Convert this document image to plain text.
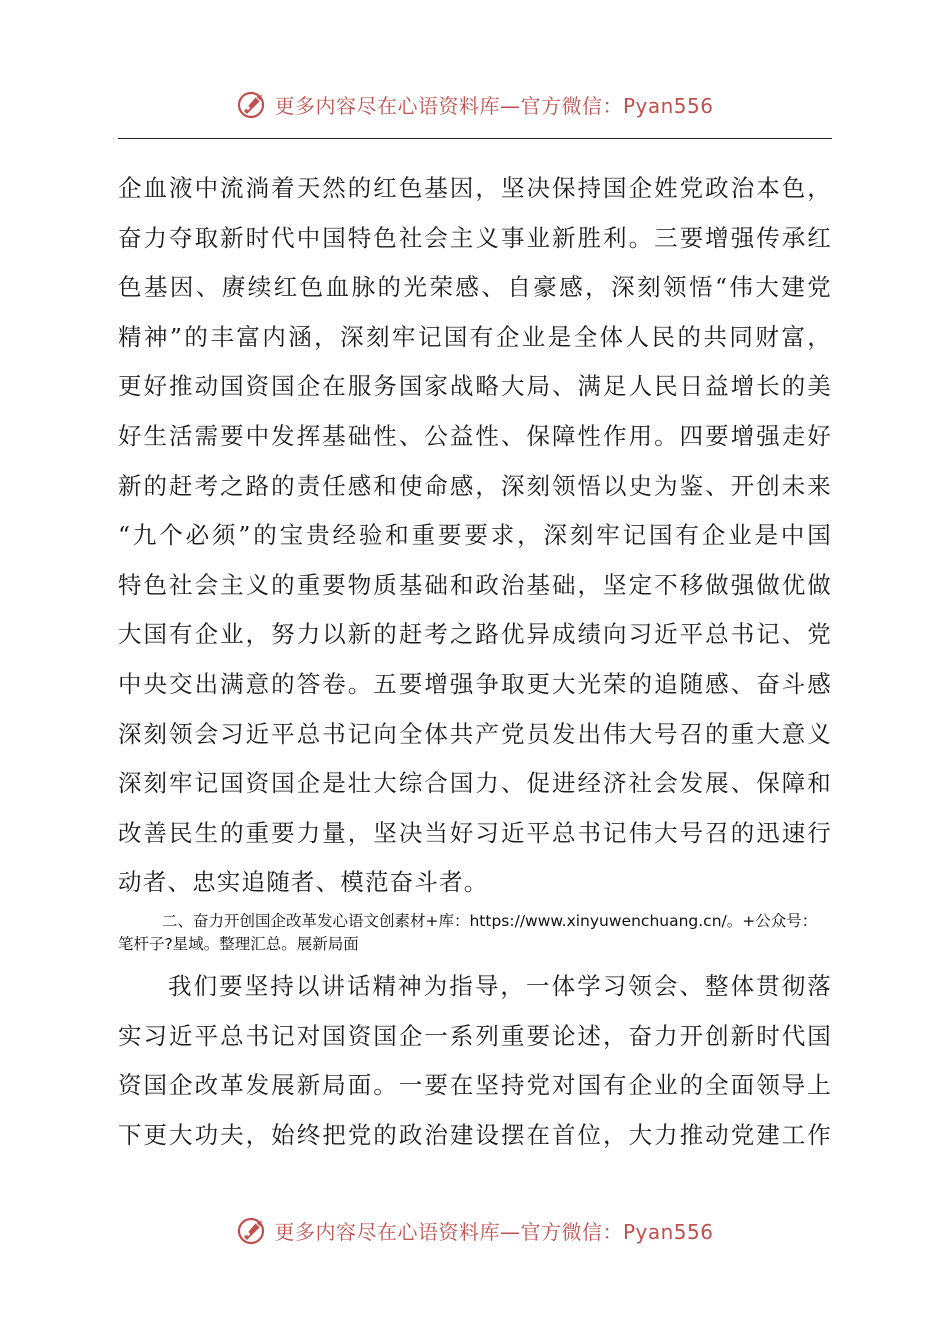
更多内容尽在心语资料库—官方微信：Pyan556
企血液中流淌着天然的红色基因，坚决保持国企姓党政治本色，
奋力夺取新时代中国特色社会主义事业新胜利。三要增强传承红
色基因、赓续红色血脉的光荣感、自豪感，深刻领悟“伟大建党
精神”的丰富内涵，深刻牢记国有企业是全体人民的共同财富，
更好推动国资国企在服务国家战略大局、满足人民日益增长的美
好生活需要中发挥基础性、公益性、保障性作用。四要增强走好
新的赶考之路的责任感和使命感，深刻领悟以史为鉴、开创未来
“九个必须”的宝贵经验和重要要求，深刻牢记国有企业是中国
特色社会主义的重要物质基础和政治基础，坚定不移做强做优做
大国有企业，努力以新的赶考之路优异成绩向习近平总书记、党
中央交出满意的答卷。五要增强争取更大光荣的追随感、奋斗感
深刻领会习近平总书记向全体共产党员发出伟大号召的重大意义
深刻牢记国资国企是壮大综合国力、促进经济社会发展、保障和
改善民生的重要力量，坚决当好习近平总书记伟大号召的迅速行
动者、忠实追随者、模范奋斗者。

二、奋力开创国企改革发心语文创素材+库：https://www.xinyuwenchuang.cn/。+公众号：笔杆子?星域。整理汇总。展新局面

我们要坚持以讲话精神为指导，一体学习领会、整体贯彻落
实习近平总书记对国资国企一系列重要论述，奋力开创新时代国
资国企改革发展新局面。一要在坚持党对国有企业的全面领导上
下更大功夫，始终把党的政治建设摆在首位，大力推动党建工作
更多内容尽在心语资料库—官方微信：Pyan556
